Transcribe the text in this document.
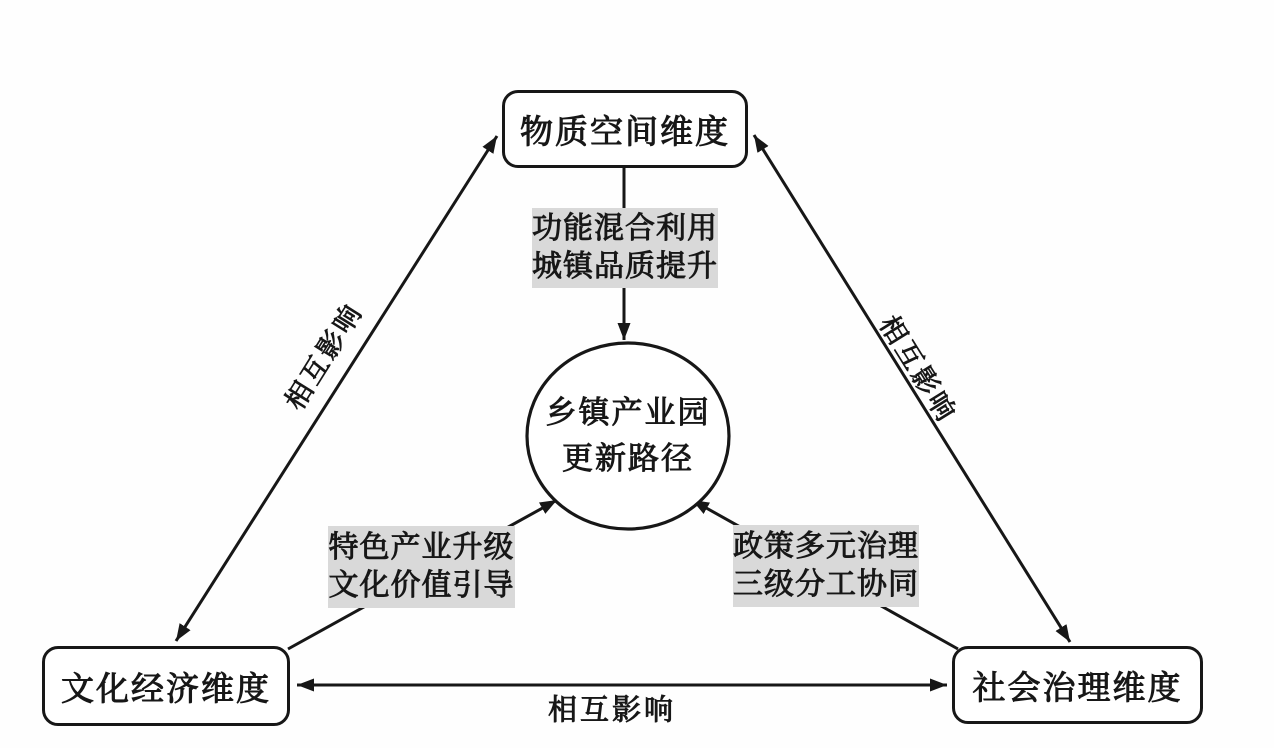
物质空间维度
文化经济维度	社会治理维度
功能混合利用
城镇品质提升
特色产业升级
文化价值引导
政策多元治理
三级分工协同
乡镇产业园
更新路径
相互影响	相互影响
相互影响
